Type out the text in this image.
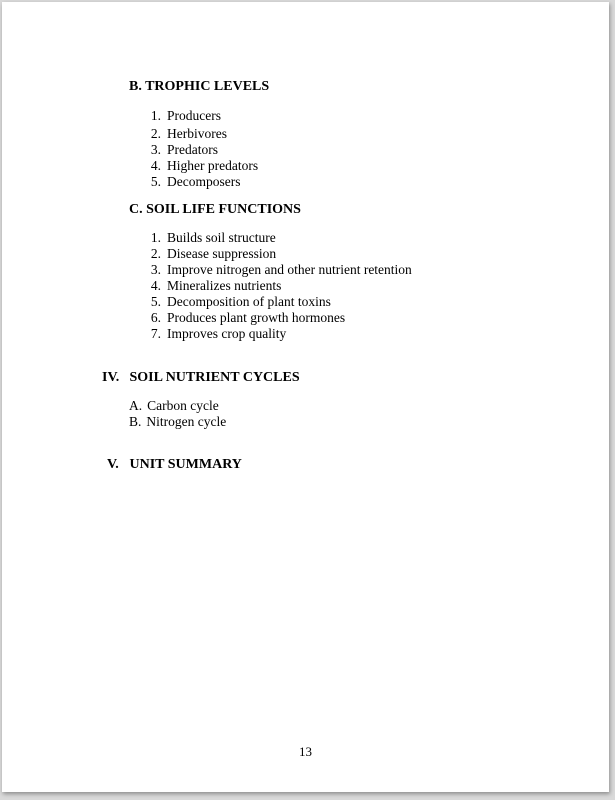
B. TROPHIC LEVELS
1. Producers
2. Herbivores
3. Predators
4. Higher predators
5. Decomposers
C. SOIL LIFE FUNCTIONS
1. Builds soil structure
2. Disease suppression
3. Improve nitrogen and other nutrient retention
4. Mineralizes nutrients
5. Decomposition of plant toxins
6. Produces plant growth hormones
7. Improves crop quality
IV. SOIL NUTRIENT CYCLES
A. Carbon cycle
B. Nitrogen cycle
V. UNIT SUMMARY
13
